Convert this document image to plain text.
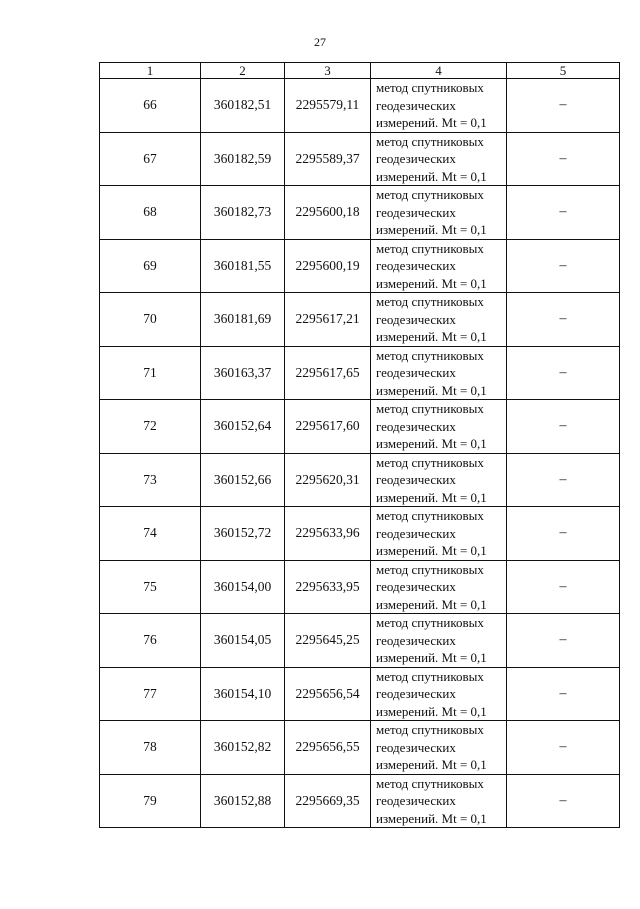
27
1	2	3	4	5
66	360182,51	2295579,11	метод спутниковых
геодезических
измерений. Mt = 0,1	–
67	360182,59	2295589,37	метод спутниковых
геодезических
измерений. Mt = 0,1	–
68	360182,73	2295600,18	метод спутниковых
геодезических
измерений. Mt = 0,1	–
69	360181,55	2295600,19	метод спутниковых
геодезических
измерений. Mt = 0,1	–
70	360181,69	2295617,21	метод спутниковых
геодезических
измерений. Mt = 0,1	–
71	360163,37	2295617,65	метод спутниковых
геодезических
измерений. Mt = 0,1	–
72	360152,64	2295617,60	метод спутниковых
геодезических
измерений. Mt = 0,1	–
73	360152,66	2295620,31	метод спутниковых
геодезических
измерений. Mt = 0,1	–
74	360152,72	2295633,96	метод спутниковых
геодезических
измерений. Mt = 0,1	–
75	360154,00	2295633,95	метод спутниковых
геодезических
измерений. Mt = 0,1	–
76	360154,05	2295645,25	метод спутниковых
геодезических
измерений. Mt = 0,1	–
77	360154,10	2295656,54	метод спутниковых
геодезических
измерений. Mt = 0,1	–
78	360152,82	2295656,55	метод спутниковых
геодезических
измерений. Mt = 0,1	–
79	360152,88	2295669,35	метод спутниковых
геодезических
измерений. Mt = 0,1	–
